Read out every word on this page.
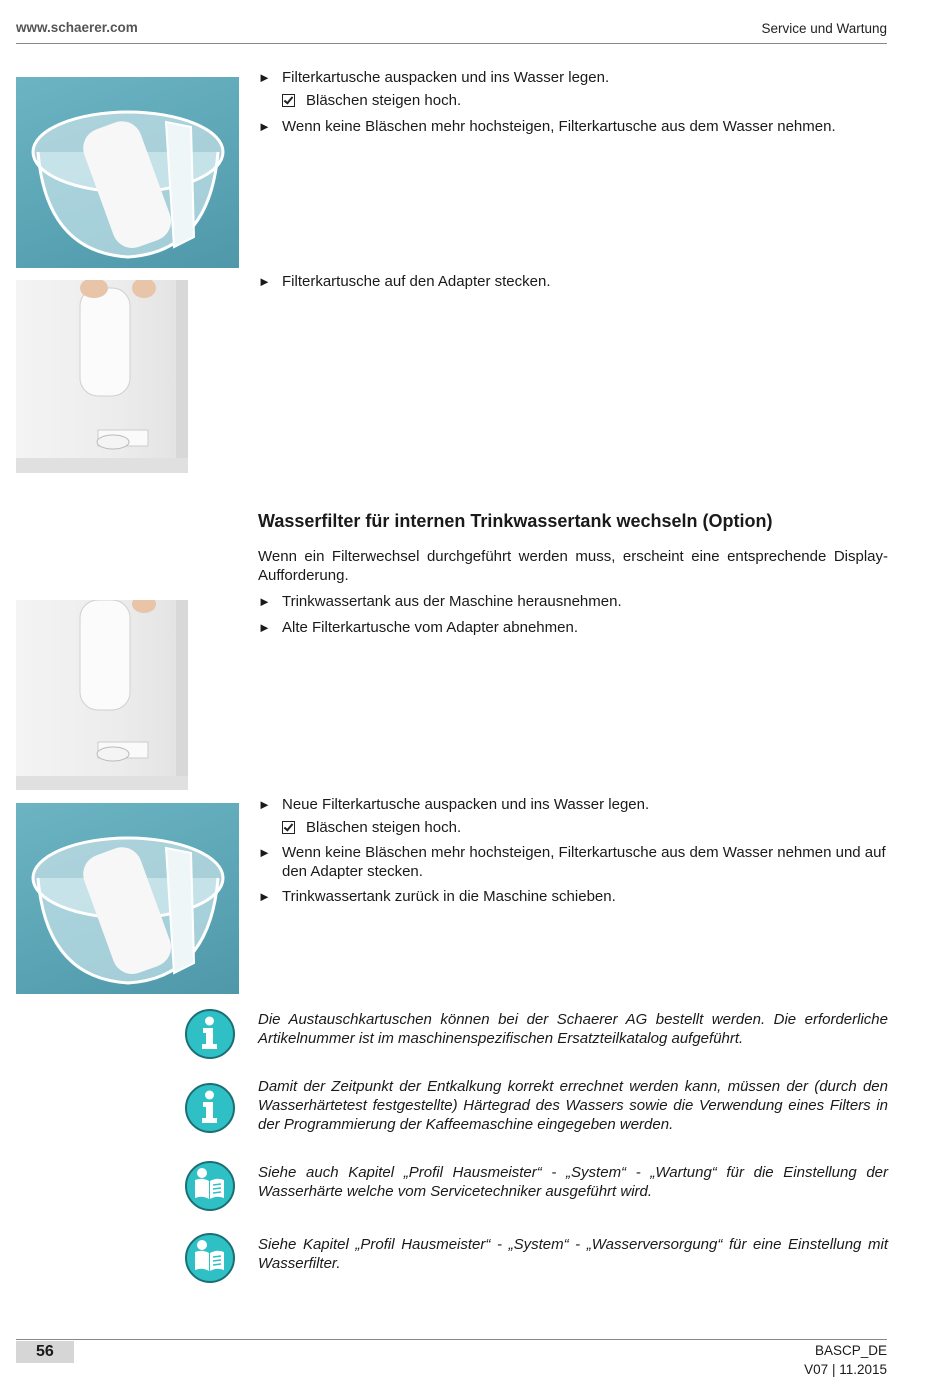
www.schaerer.com	Service und Wartung
► Filterkartusche auspacken und ins Wasser legen.
Bläschen steigen hoch.
► Wenn keine Bläschen mehr hochsteigen, Filterkartusche aus dem Wasser nehmen.
► Filterkartusche auf den Adapter stecken.
Wasserfilter für internen Trinkwassertank wechseln (Option)
Wenn ein Filterwechsel durchgeführt werden muss, erscheint eine entsprechende Display-Aufforderung.
► Trinkwassertank aus der Maschine herausnehmen.
► Alte Filterkartusche vom Adapter abnehmen.
► Neue Filterkartusche auspacken und ins Wasser legen.
Bläschen steigen hoch.
► Wenn keine Bläschen mehr hochsteigen, Filterkartusche aus dem Wasser nehmen und auf den Adapter stecken.
► Trinkwassertank zurück in die Maschine schieben.
Die Austauschkartuschen können bei der Schaerer AG bestellt werden. Die erforderliche Artikelnummer ist im maschinenspezifischen Ersatzteilkatalog aufgeführt.
Damit der Zeitpunkt der Entkalkung korrekt errechnet werden kann, müssen der (durch den Wasserhärtetest festgestellte) Härtegrad des Wassers sowie die Verwendung eines Filters in der Programmierung der Kaffeemaschine eingegeben werden.
Siehe auch Kapitel „Profil Hausmeister“ - „System“ - „Wartung“ für die Einstellung der Wasserhärte welche vom Servicetechniker ausgeführt wird.
Siehe Kapitel „Profil Hausmeister“ - „System“ - „Wasserversorgung“ für eine Einstellung mit Wasserfilter.
56	BASCP_DE
V07 | 11.2015
